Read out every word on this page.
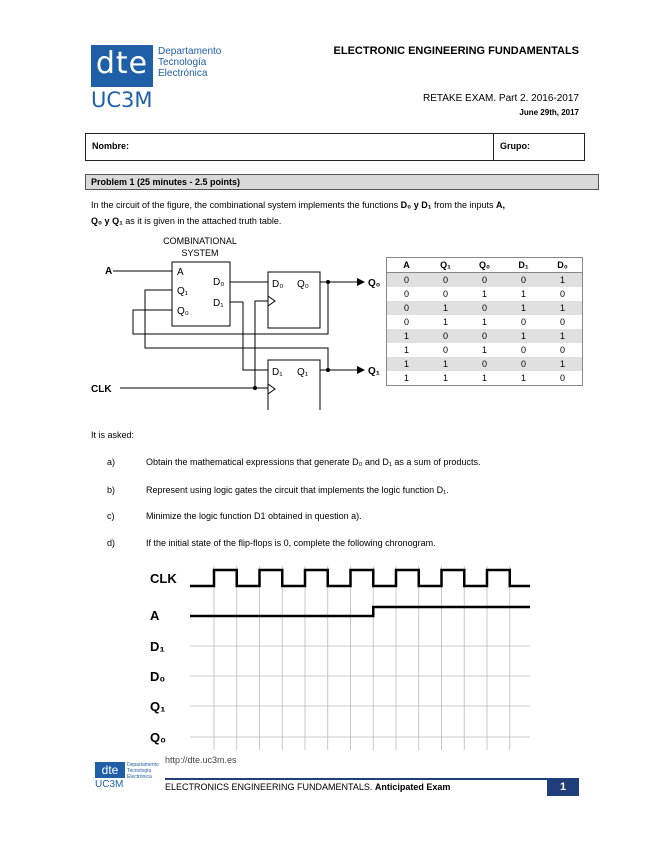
dte Departamento
Tecnología
Electrónica
UC3M
ELECTRONIC ENGINEERING FUNDAMENTALS
RETAKE EXAM. Part 2. 2016-2017
June 29th, 2017
Nombre:	Grupo:
Problem 1 (25 minutes - 2.5 points)
In the circuit of the figure, the combinational system implements the functions D₀ y D₁ from the inputs A,
Q₀ y Q₁ as it is given in the attached truth table.
COMBINATIONAL
SYSTEM
A
Q₁
Q₀
D₀
D₁
D₀ Q₀
D₁ Q₁
A
CLK
Q₀
Q₁
A	Q₁	Q₀	D₁	D₀
0	0	0	0	1
0	0	1	1	0
0	1	0	1	1
0	1	1	0	0
1	0	0	1	1
1	0	1	0	0
1	1	0	0	1
1	1	1	1	0
It is asked:
a)	Obtain the mathematical expressions that generate D₀ and D₁ as a sum of products.
b)	Represent using logic gates the circuit that implements the logic function D₁.
c)	Minimize the logic function D1 obtained in question a).
d)	If the initial state of the flip-flops is 0, complete the following chronogram.
CLK
A
D₁
D₀
Q₁
Q₀
http://dte.uc3m.es
dte	Departamento
Tecnología
Electrónica
UC3M	ELECTRONICS ENGINEERING FUNDAMENTALS. Anticipated Exam	1
